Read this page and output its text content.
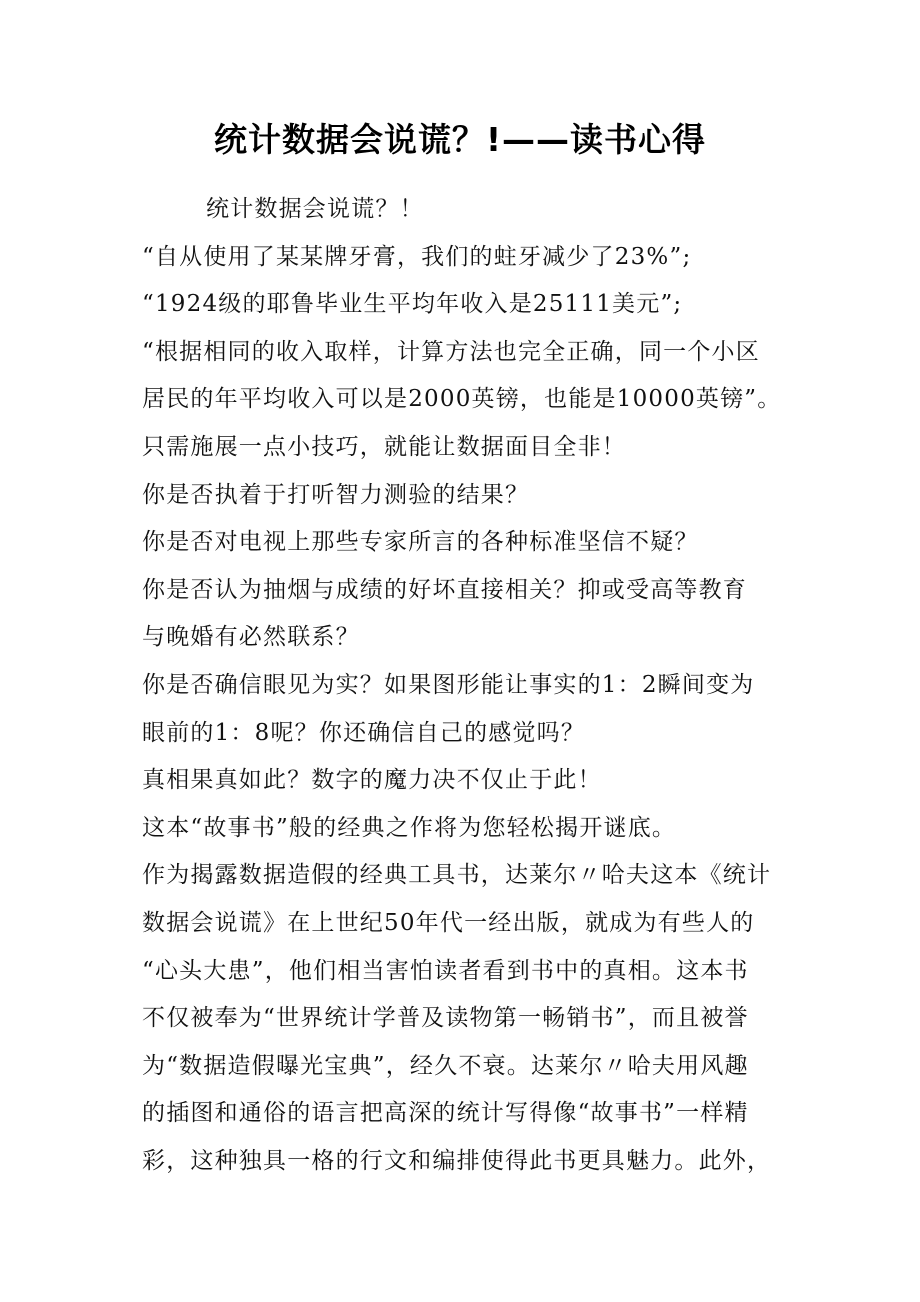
统计数据会说谎？!——读书心得
统计数据会说谎？！
“自从使用了某某牌牙膏，我们的蛀牙减少了23%”;
“1924级的耶鲁毕业生平均年收入是25111美元”;
“根据相同的收入取样，计算方法也完全正确，同一个小区
居民的年平均收入可以是2000英镑，也能是10000英镑”。
只需施展一点小技巧，就能让数据面目全非！
你是否执着于打听智力测验的结果？
你是否对电视上那些专家所言的各种标准坚信不疑？
你是否认为抽烟与成绩的好坏直接相关？抑或受高等教育
与晚婚有必然联系？
你是否确信眼见为实？如果图形能让事实的1：2瞬间变为
眼前的1：8呢？你还确信自己的感觉吗？
真相果真如此？数字的魔力决不仅止于此！
这本“故事书”般的经典之作将为您轻松揭开谜底。
作为揭露数据造假的经典工具书，达莱尔〃哈夫这本《统计
数据会说谎》在上世纪50年代一经出版，就成为有些人的
“心头大患”，他们相当害怕读者看到书中的真相。这本书
不仅被奉为“世界统计学普及读物第一畅销书”，而且被誉
为“数据造假曝光宝典”，经久不衰。达莱尔〃哈夫用风趣
的插图和通俗的语言把高深的统计写得像“故事书”一样精
彩，这种独具一格的行文和编排使得此书更具魅力。此外，
